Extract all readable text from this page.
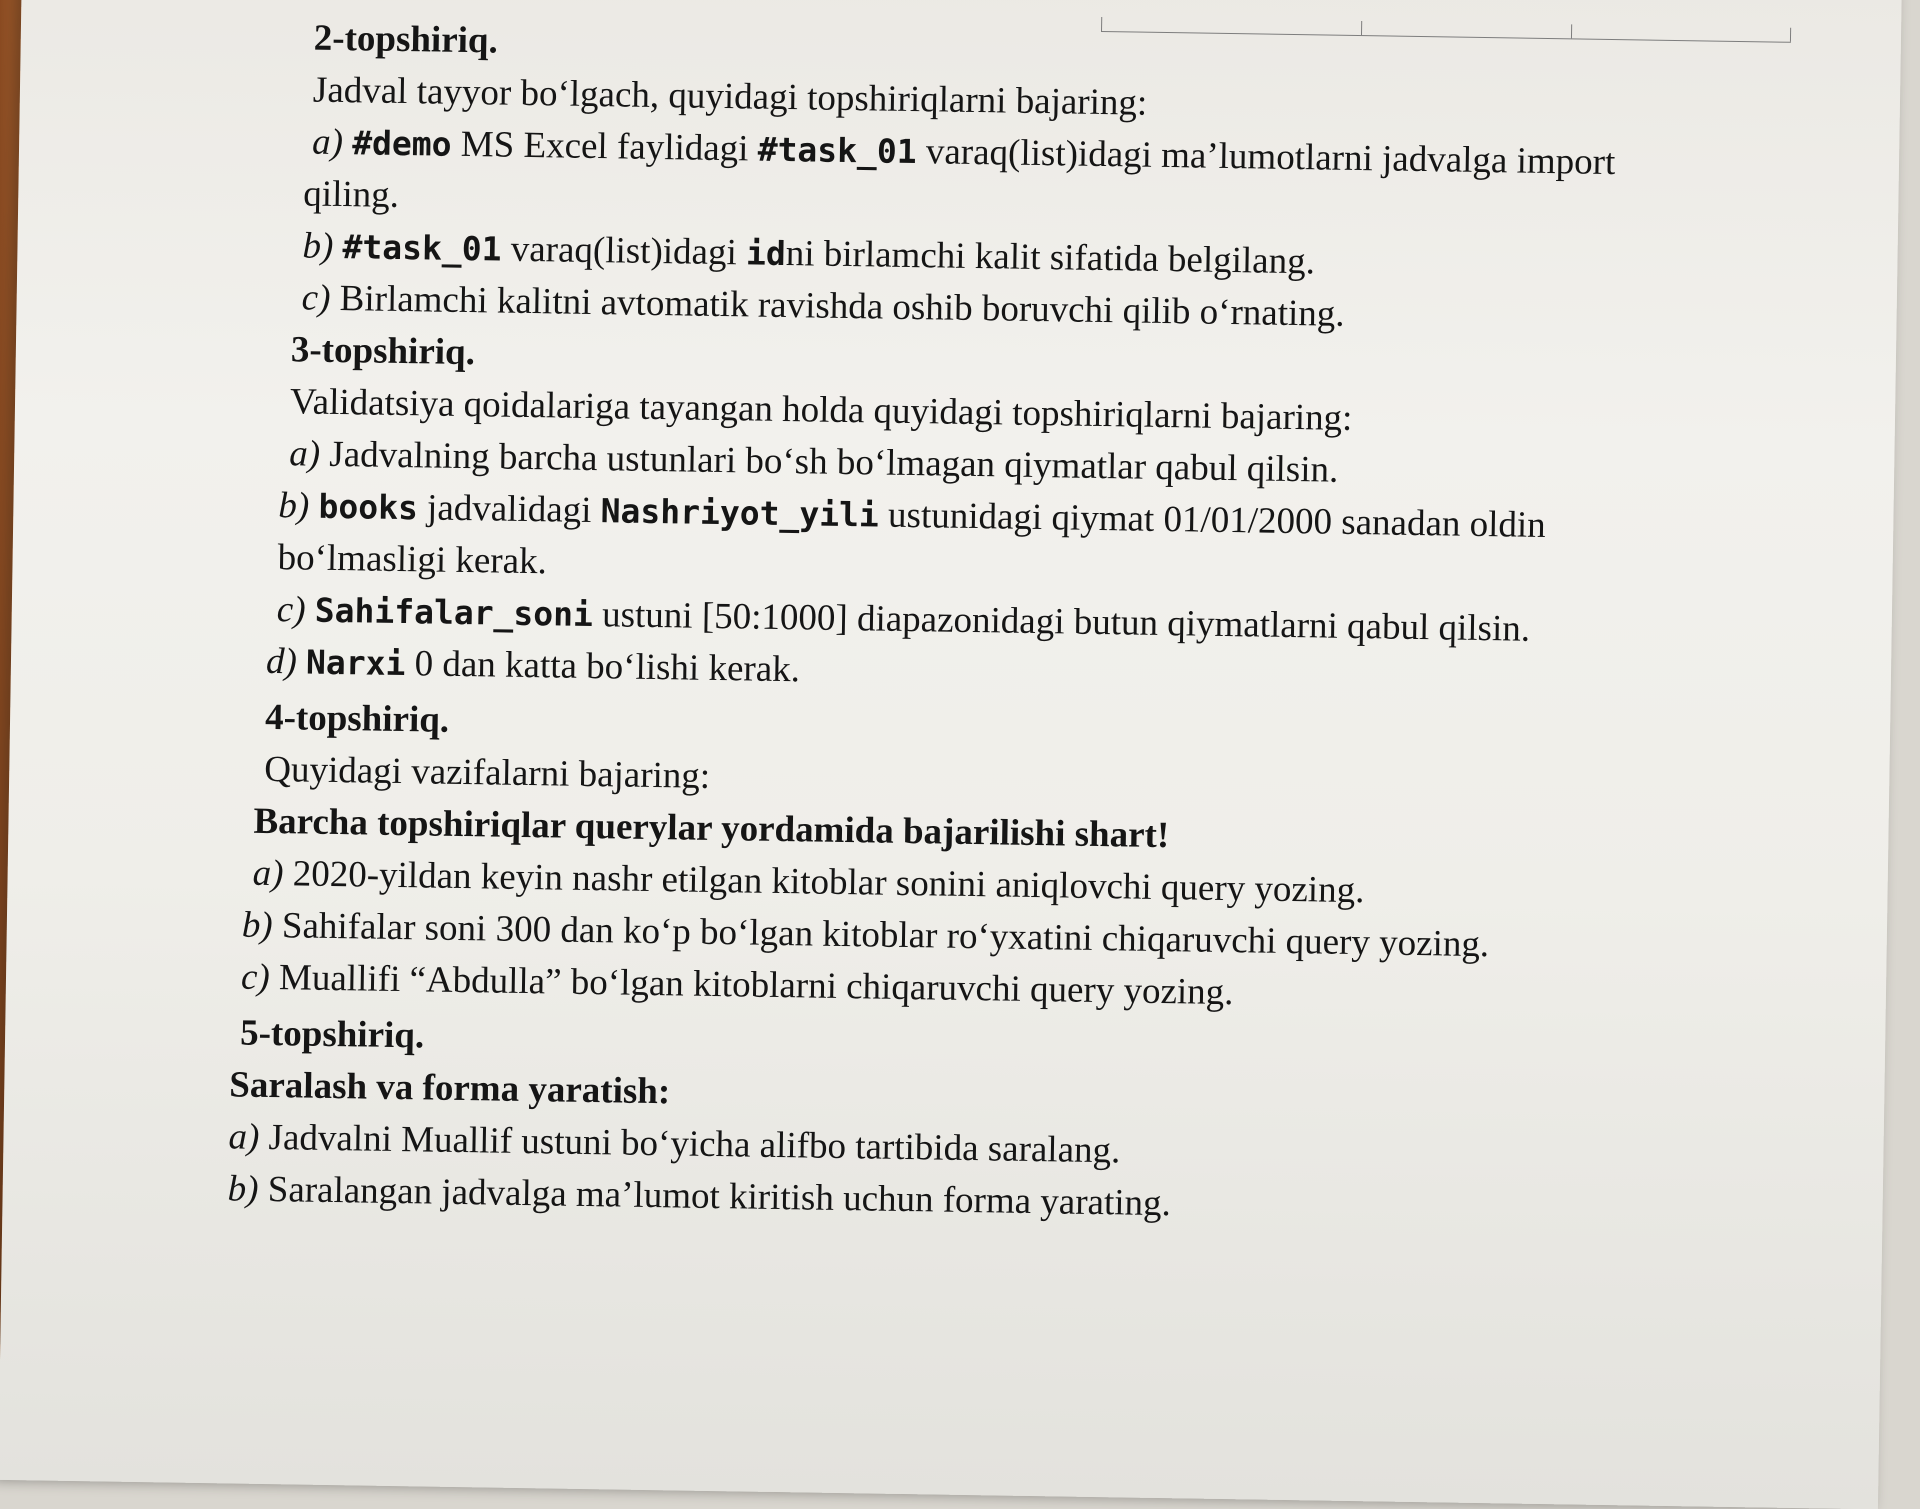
2-topshiriq.
Jadval tayyor bo‘lgach, quyidagi topshiriqlarni bajaring:
a) #demo MS Excel faylidagi #task_01 varaq(list)idagi ma’lumotlarni jadvalga import
qiling.
b) #task_01 varaq(list)idagi idni birlamchi kalit sifatida belgilang.
c) Birlamchi kalitni avtomatik ravishda oshib boruvchi qilib o‘rnating.
3-topshiriq.
Validatsiya qoidalariga tayangan holda quyidagi topshiriqlarni bajaring:
a) Jadvalning barcha ustunlari bo‘sh bo‘lmagan qiymatlar qabul qilsin.
b) books jadvalidagi Nashriyot_yili ustunidagi qiymat 01/01/2000 sanadan oldin
bo‘lmasligi kerak.
c) Sahifalar_soni ustuni [50:1000] diapazonidagi butun qiymatlarni qabul qilsin.
d) Narxi 0 dan katta bo‘lishi kerak.
4-topshiriq.
Quyidagi vazifalarni bajaring:
Barcha topshiriqlar querylar yordamida bajarilishi shart!
a) 2020-yildan keyin nashr etilgan kitoblar sonini aniqlovchi query yozing.
b) Sahifalar soni 300 dan ko‘p bo‘lgan kitoblar ro‘yxatini chiqaruvchi query yozing.
c) Muallifi “Abdulla” bo‘lgan kitoblarni chiqaruvchi query yozing.
5-topshiriq.
Saralash va forma yaratish:
a) Jadvalni Muallif ustuni bo‘yicha alifbo tartibida saralang.
b) Saralangan jadvalga ma’lumot kiritish uchun forma yarating.
